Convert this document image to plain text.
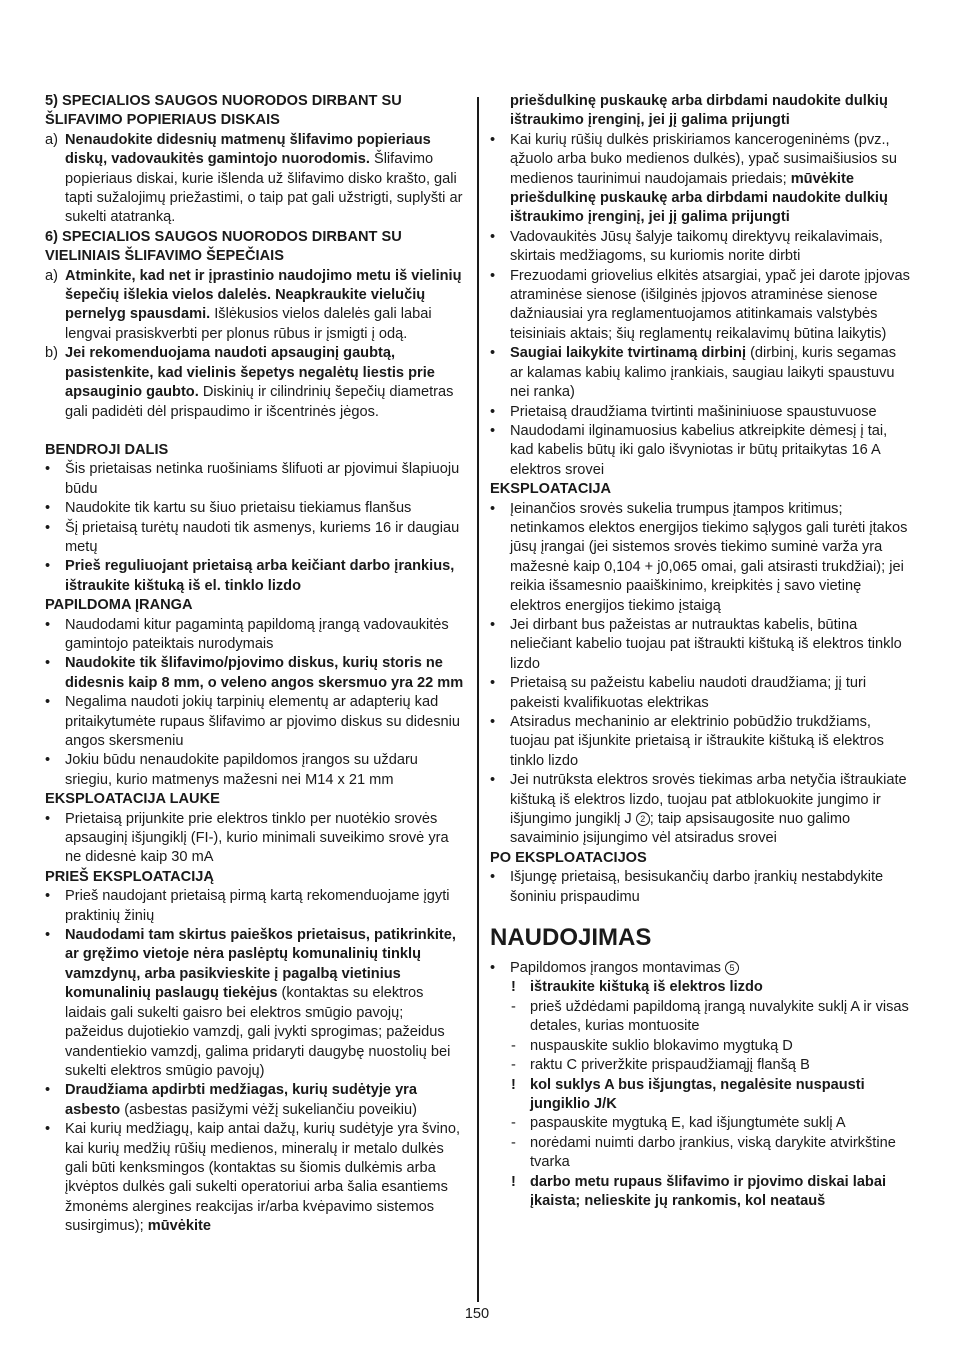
5) SPECIALIOS SAUGOS NUORODOS DIRBANT SU ŠLIFAVIMO POPIERIAUS DISKAIS

a) Nenaudokite didesnių matmenų šlifavimo popieriaus diskų, vadovaukitės gamintojo nuorodomis. Šlifavimo popieriaus diskai, kurie išlenda už šlifavimo disko krašto, gali tapti sužalojimų priežastimi, o taip pat gali užstrigti, suplyšti ar sukelti atatranką.

6) SPECIALIOS SAUGOS NUORODOS DIRBANT SU VIELINIAIS ŠLIFAVIMO ŠEPEČIAIS

a) Atminkite, kad net ir įprastinio naudojimo metu iš vielinių šepečių išlekia vielos dalelės. Neapkraukite vielučių pernelyg spausdami. Išlėkusios vielos dalelės gali labai lengvai prasiskverbti per plonus rūbus ir įsmigti į odą.

b) Jei rekomenduojama naudoti apsauginį gaubtą, pasistenkite, kad vielinis šepetys negalėtų liestis prie apsauginio gaubto. Diskinių ir cilindrinių šepečių diametras gali padidėti dėl prispaudimo ir išcentrinės jėgos.

BENDROJI DALIS

• Šis prietaisas netinka ruošiniams šlifuoti ar pjovimui šlapiuoju būdu

• Naudokite tik kartu su šiuo prietaisu tiekiamus flanšus

• Šį prietaisą turėtų naudoti tik asmenys, kuriems 16 ir daugiau metų

• Prieš reguliuojant prietaisą arba keičiant darbo įrankius, ištraukite kištuką iš el. tinklo lizdo

PAPILDOMA ĮRANGA

• Naudodami kitur pagamintą papildomą įrangą vadovaukitės gamintojo pateiktais nurodymais

• Naudokite tik šlifavimo/pjovimo diskus, kurių storis ne didesnis kaip 8 mm, o veleno angos skersmuo yra 22 mm

• Negalima naudoti jokių tarpinių elementų ar adapterių kad pritaikytumėte rupaus šlifavimo ar pjovimo diskus su didesniu angos skersmeniu

• Jokiu būdu nenaudokite papildomos įrangos su uždaru sriegiu, kurio matmenys mažesni nei M14 x 21 mm

EKSPLOATACIJA LAUKE

• Prietaisą prijunkite prie elektros tinklo per nuotėkio srovės apsauginį išjungiklį (FI-), kurio minimali suveikimo srovė yra ne didesnė kaip 30 mA

PRIEŠ EKSPLOATACIJĄ

• Prieš naudojant prietaisą pirmą kartą rekomenduojame įgyti praktinių žinių

• Naudodami tam skirtus paieškos prietaisus, patikrinkite, ar gręžimo vietoje nėra paslėptų komunalinių tinklų vamzdynų, arba pasikvieskite į pagalbą vietinius komunalinių paslaugų tiekėjus (kontaktas su elektros laidais gali sukelti gaisro bei elektros smūgio pavojų; pažeidus dujotiekio vamzdį, gali įvykti sprogimas; pažeidus vandentiekio vamzdį, galima pridaryti daugybę nuostolių bei sukelti elektros smūgio pavojų)

• Draudžiama apdirbti medžiagas, kurių sudėtyje yra asbesto (asbestas pasižymi vėžį sukeliančiu poveikiu)

• Kai kurių medžiagų, kaip antai dažų, kurių sudėtyje yra švino, kai kurių medžių rūšių medienos, mineralų ir metalo dulkės gali būti kenksmingos (kontaktas su šiomis dulkėmis arba įkvėptos dulkės gali sukelti operatoriui arba šalia esantiems žmonėms alergines reakcijas ir/arba kvėpavimo sistemos susirgimus); mūvėkite

priešdulkinę puskaukę arba dirbdami naudokite dulkių ištraukimo įrenginį, jei jį galima prijungti

• Kai kurių rūšių dulkės priskiriamos kancerogeninėms (pvz., ąžuolo arba buko medienos dulkės), ypač susimaišiusios su medienos taurinimui naudojamais priedais; mūvėkite priešdulkinę puskaukę arba dirbdami naudokite dulkių ištraukimo įrenginį, jei jį galima prijungti

• Vadovaukitės Jūsų šalyje taikomų direktyvų reikalavimais, skirtais medžiagoms, su kuriomis norite dirbti

• Frezuodami griovelius elkitės atsargiai, ypač jei darote įpjovas atraminėse sienose (išilginės įpjovos atraminėse sienose dažniausiai yra reglamentuojamos atitinkamais valstybės teisiniais aktais; šių reglamentų reikalavimų būtina laikytis)

• Saugiai laikykite tvirtinamą dirbinį (dirbinį, kuris segamas ar kalamas kabių kalimo įrankiais, saugiau laikyti spaustuvu nei ranka)

• Prietaisą draudžiama tvirtinti mašininiuose spaustuvuose

• Naudodami ilginamuosius kabelius atkreipkite dėmesį į tai, kad kabelis būtų iki galo išvyniotas ir būtų pritaikytas 16 A elektros srovei

EKSPLOATACIJA

• Įeinančios srovės sukelia trumpus įtampos kritimus; netinkamos elektos energijos tiekimo sąlygos gali turėti įtakos jūsų įrangai (jei sistemos srovės tiekimo suminė varža yra mažesnė kaip 0,104 + j0,065 omai, gali atsirasti trukdžiai); jei reikia išsamesnio paaiškinimo, kreipkitės į savo vietinę elektros energijos tiekimo įstaigą

• Jei dirbant bus pažeistas ar nutrauktas kabelis, būtina neliečiant kabelio tuojau pat ištraukti kištuką iš elektros tinklo lizdo

• Prietaisą su pažeistu kabeliu naudoti draudžiama; jį turi pakeisti kvalifikuotas elektrikas

• Atsiradus mechaninio ar elektrinio pobūdžio trukdžiams, tuojau pat išjunkite prietaisą ir ištraukite kištuką iš elektros tinklo lizdo

• Jei nutrūksta elektros srovės tiekimas arba netyčia ištraukiate kištuką iš elektros lizdo, tuojau pat atblokuokite jungimo ir išjungimo jungiklį J 2 ; taip apsisaugosite nuo galimo savaiminio įsijungimo vėl atsiradus srovei

PO EKSPLOATACIJOS

• Išjungę prietaisą, besisukančių darbo įrankių nestabdykite šoniniu prispaudimu

NAUDOJIMAS

• Papildomos įrangos montavimas 5

! ištraukite kištuką iš elektros lizdo

- prieš uždėdami papildomą įrangą nuvalykite suklį A ir visas detales, kurias montuosite

- nuspauskite suklio blokavimo mygtuką D

- raktu C priveržkite prispaudžiamąjį flanšą B

! kol suklys A bus išjungtas, negalėsite nuspausti jungiklio J/K

- paspauskite mygtuką E, kad išjungtumėte suklį A

- norėdami nuimti darbo įrankius, viską darykite atvirkštine tvarka

! darbo metu rupaus šlifavimo ir pjovimo diskai labai įkaista; nelieskite jų rankomis, kol neatauš

150
